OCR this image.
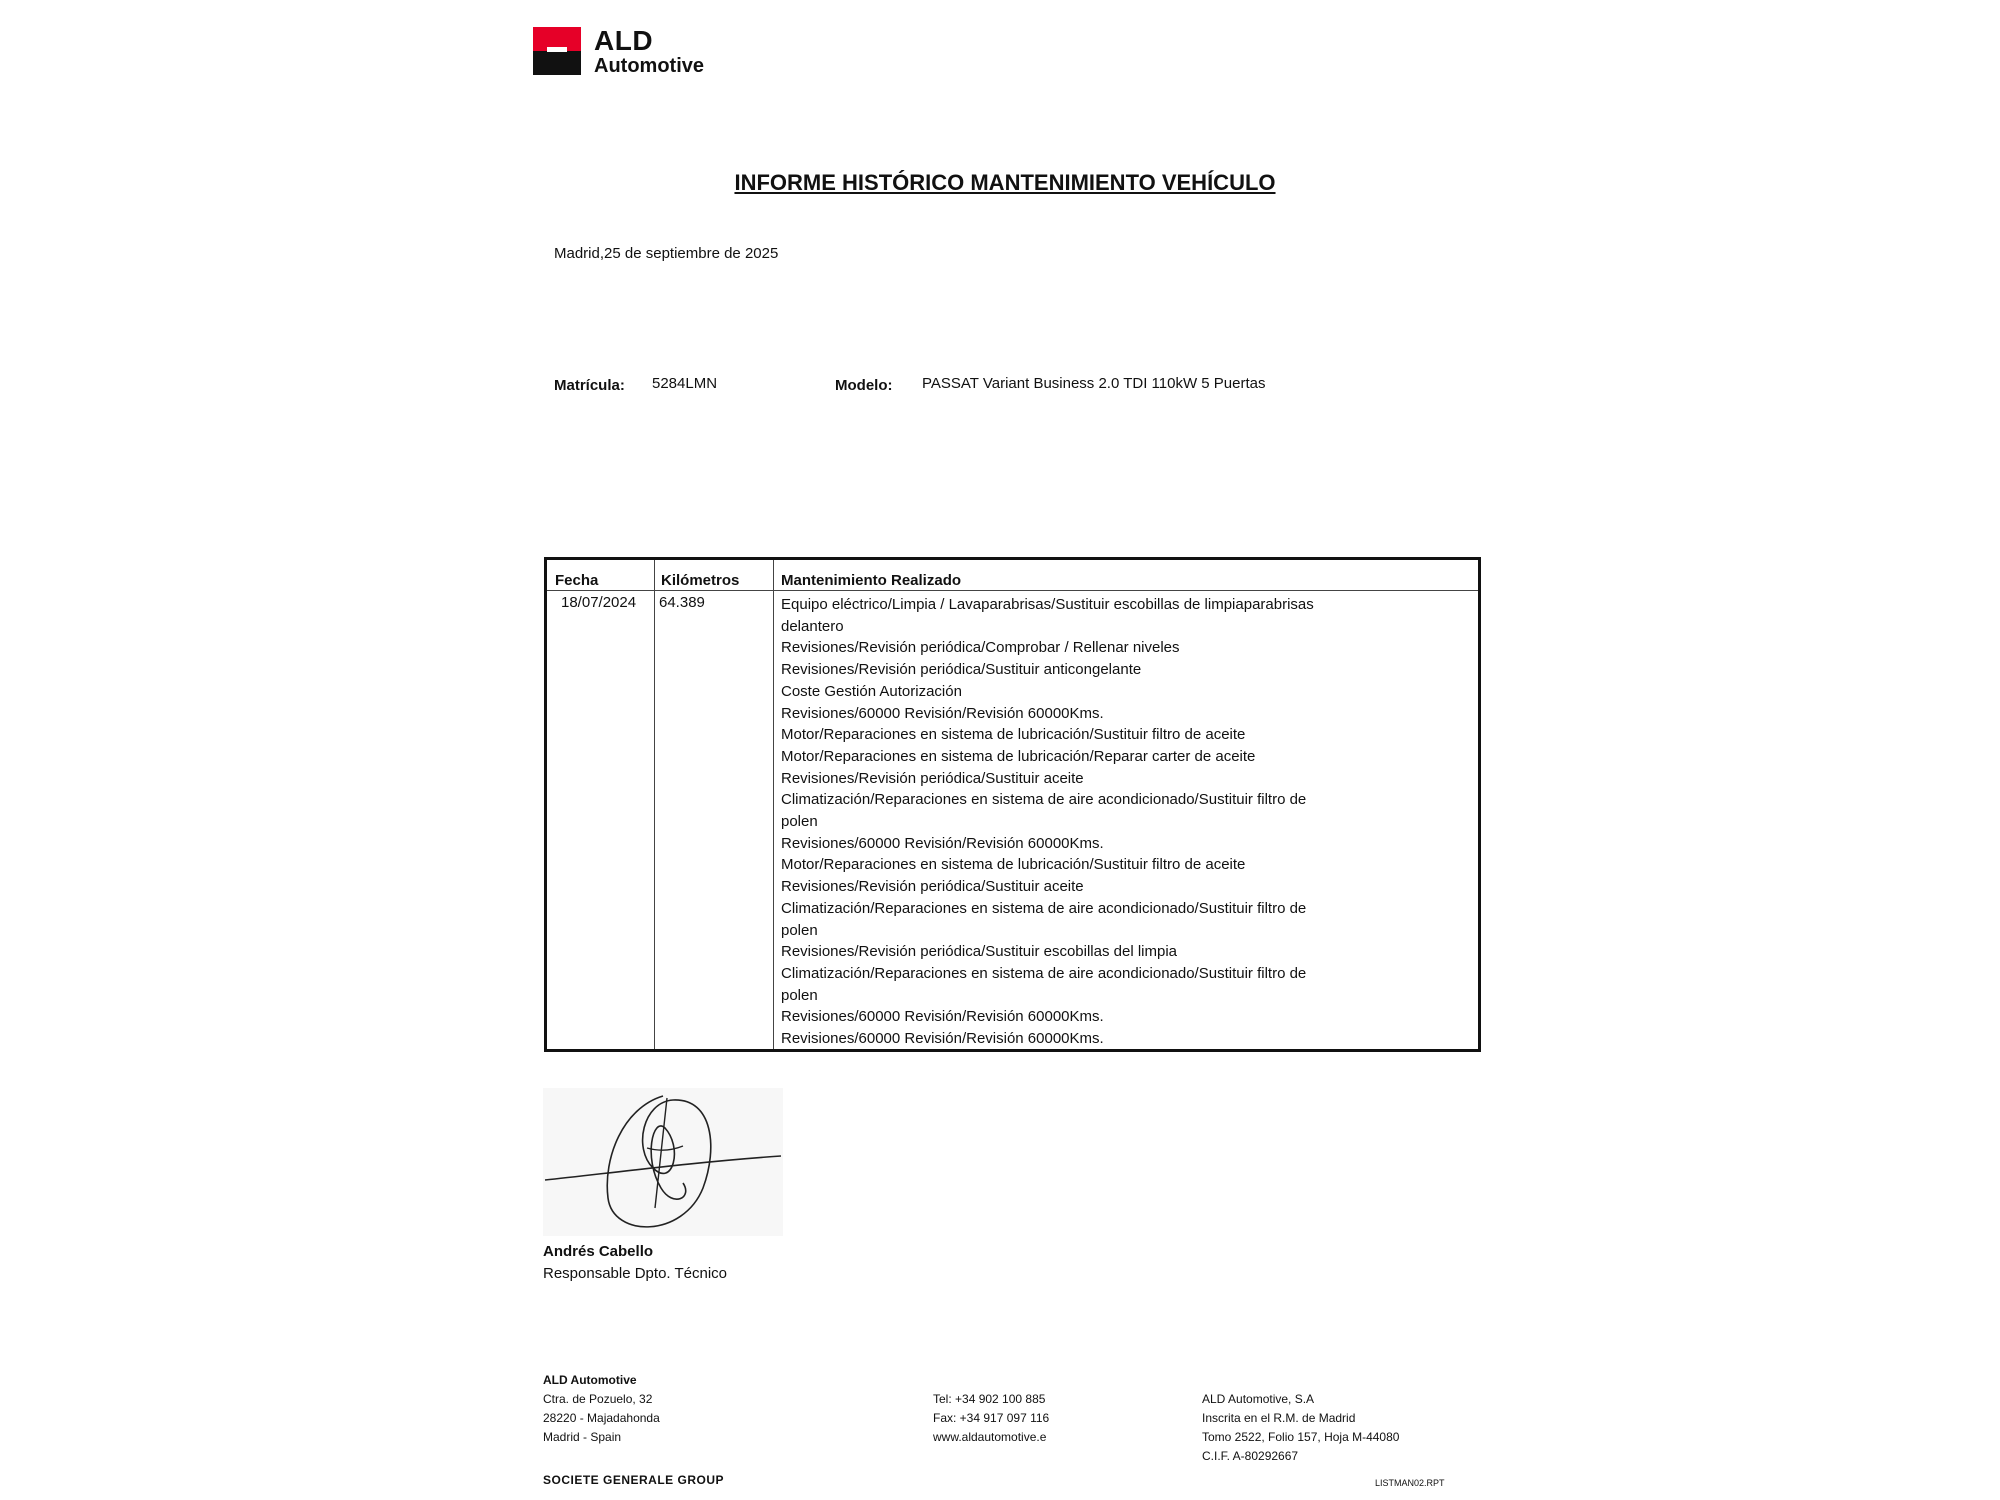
ALD
Automotive
INFORME HISTÓRICO MANTENIMIENTO VEHÍCULO
Madrid,25 de septiembre de 2025
Matrícula: 5284LMN	Modelo: PASSAT Variant Business 2.0 TDI 110kW 5 Puertas
Fecha	Kilómetros	Mantenimiento Realizado
18/07/2024 64.389	Equipo eléctrico/Limpia / Lavaparabrisas/Sustituir escobillas de limpiaparabrisas
delantero
Revisiones/Revisión periódica/Comprobar / Rellenar niveles
Revisiones/Revisión periódica/Sustituir anticongelante
Coste Gestión Autorización
Revisiones/60000 Revisión/Revisión 60000Kms.
Motor/Reparaciones en sistema de lubricación/Sustituir filtro de aceite
Motor/Reparaciones en sistema de lubricación/Reparar carter de aceite
Revisiones/Revisión periódica/Sustituir aceite
Climatización/Reparaciones en sistema de aire acondicionado/Sustituir filtro de
polen
Revisiones/60000 Revisión/Revisión 60000Kms.
Motor/Reparaciones en sistema de lubricación/Sustituir filtro de aceite
Revisiones/Revisión periódica/Sustituir aceite
Climatización/Reparaciones en sistema de aire acondicionado/Sustituir filtro de
polen
Revisiones/Revisión periódica/Sustituir escobillas del limpia
Climatización/Reparaciones en sistema de aire acondicionado/Sustituir filtro de
polen
Revisiones/60000 Revisión/Revisión 60000Kms.
Revisiones/60000 Revisión/Revisión 60000Kms.
Andrés Cabello
Responsable Dpto. Técnico
ALD Automotive
Ctra. de Pozuelo, 32
28220 - Majadahonda
Madrid - Spain
Tel: +34 902 100 885
Fax: +34 917 097 116
www.aldautomotive.e
ALD Automotive, S.A
Inscrita en el R.M. de Madrid
Tomo 2522, Folio 157, Hoja M-44080
C.I.F. A-80292667
SOCIETE GENERALE GROUP	LISTMAN02.RPT
